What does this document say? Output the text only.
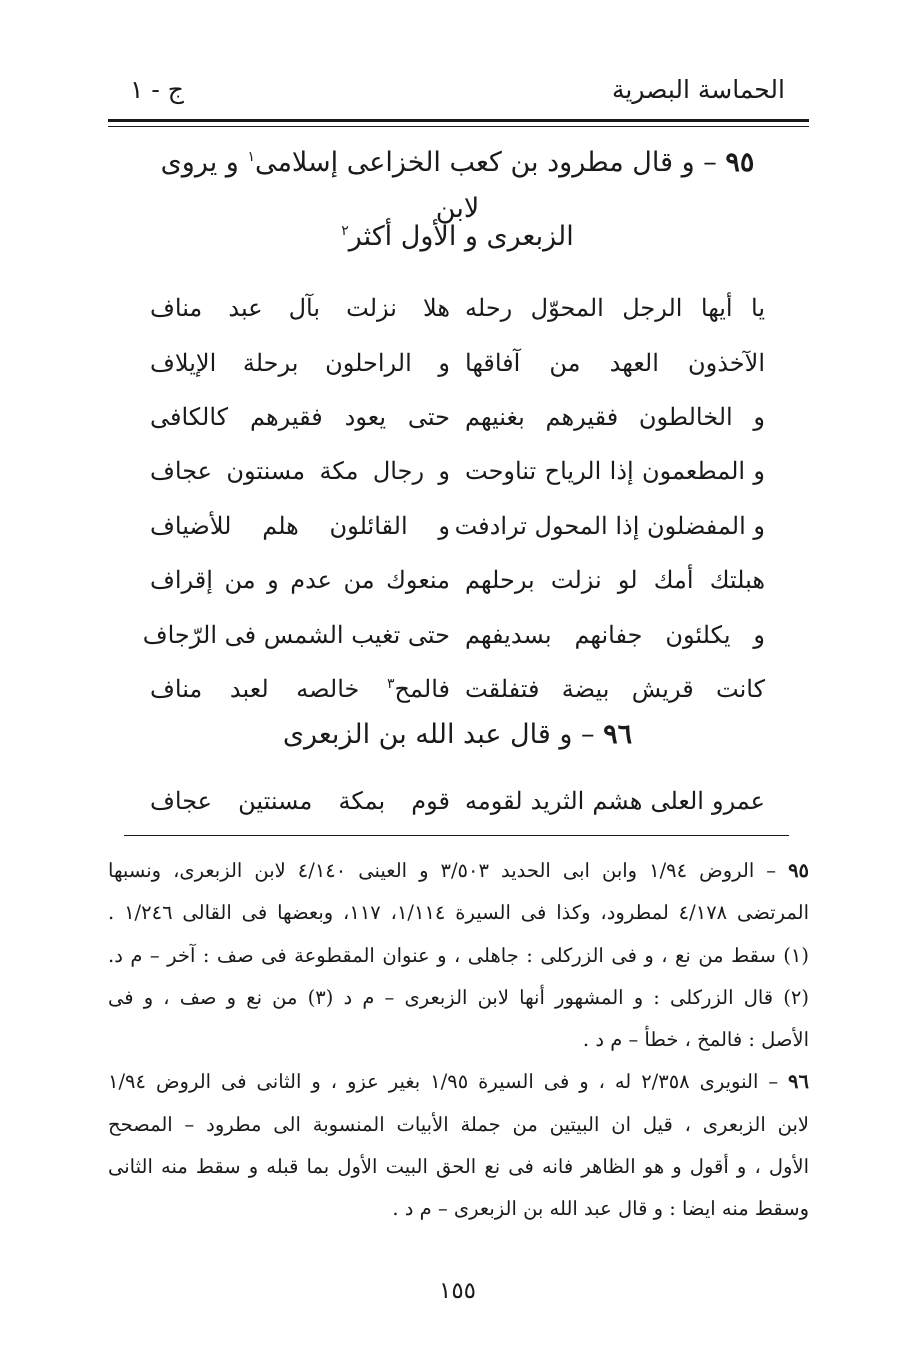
الحماسة البصرية
ج - ١
٩٥ – و قال مطرود بن كعب الخزاعى إسلامى$^١$ و يروى لابن
الزبعرى و الأول أكثر$^٢$
يا أيها الرجل المحوّل رحله
هلا نزلت بآل عبد مناف
الآخذون العهد من آفاقها
و الراحلون برحلة الإيلاف
و الخالطون فقيرهم بغنيهم
حتى يعود فقيرهم كالكافى
و المطعمون إذا الرياح تناوحت
و رجال مكة مسنتون عجاف
و المفضلون إذا المحول ترادفت
و القائلون هلم للأضياف
هبلتك أمك لو نزلت برحلهم
منعوك من عدم و من إقراف
و يكلئون جفانهم بسديفهم
حتى تغيب الشمس فى الرّجاف
كانت قريش بيضة فتفلقت
فالمح$^٣$ خالصه لعبد مناف
٩٦ – و قال عبد الله بن الزبعرى
عمرو العلى هشم الثريد لقومه
قوم بمكة مسنتين عجاف
٩٥ – الروض ١/٩٤ وابن ابى الحديد ٣/٥٠٣ و العينى ٤/١٤٠ لابن الزبعرى، ونسبها
المرتضى ٤/١٧٨ لمطرود، وكذا فى السيرة ١/١١٤، ١١٧، وبعضها فى القالى ١/٢٤٦ .
(١) سقط من نع ، و فى الزركلى : جاهلى ، و عنوان المقطوعة فى صف : آخر – م د.
(٢) قال الزركلى : و المشهور أنها لابن الزبعرى – م د (٣) من نع و صف ، و فى
الأصل : فالمخ ، خطأ – م د .
٩٦ – النويرى ٢/٣٥٨ له ، و فى السيرة ١/٩٥ بغير عزو ، و الثانى فى الروض ١/٩٤
لابن الزبعرى ، قيل ان البيتين من جملة الأبيات المنسوبة الى مطرود – المصحح
الأول ، و أقول و هو الظاهر فانه فى نع الحق البيت الأول بما قبله و سقط منه الثانى
وسقط منه ايضا : و قال عبد الله بن الزبعرى – م د .
١٥٥
